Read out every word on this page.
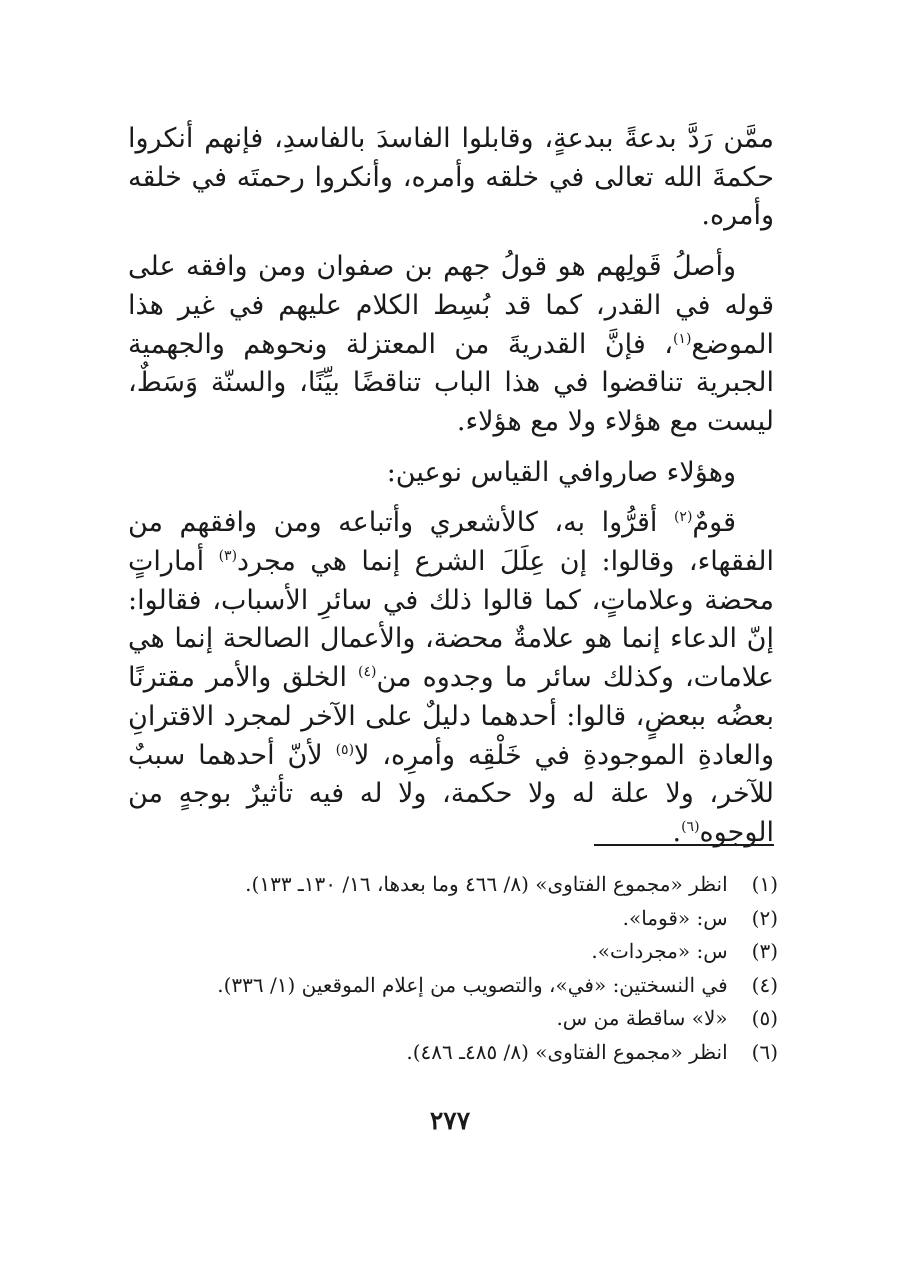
ممَّن رَدَّ بدعةً ببدعةٍ، وقابلوا الفاسدَ بالفاسدِ، فإنهم أنكروا حكمةَ الله تعالى في خلقه وأمره، وأنكروا رحمتَه في خلقه وأمره.

وأصلُ قَولِهم هو قولُ جهم بن صفوان ومن وافقه على قوله في القدر، كما قد بُسِط الكلام عليهم في غير هذا الموضع$^{(١)}$، فإنَّ القدريةَ من المعتزلة ونحوهم والجهمية الجبرية تناقضوا في هذا الباب تناقضًا بيِّنًا، والسنّة وَسَطٌ، ليست مع هؤلاء ولا مع هؤلاء.

وهؤلاء صاروافي القياس نوعين:

قومٌ$^{(٢)}$ أقرُّوا به، كالأشعري وأتباعه ومن وافقهم من الفقهاء، وقالوا: إن عِلَلَ الشرع إنما هي مجرد$^{(٣)}$ أماراتٍ محضة وعلاماتٍ، كما قالوا ذلك في سائرِ الأسباب، فقالوا: إنّ الدعاء إنما هو علامةٌ محضة، والأعمال الصالحة إنما هي علامات، وكذلك سائر ما وجدوه من$^{(٤)}$ الخلق والأمر مقترنًا بعضُه ببعضٍ، قالوا: أحدهما دليلٌ على الآخر لمجرد الاقترانِ والعادةِ الموجودةِ في خَلْقِه وأمرِه، لا$^{(٥)}$ لأنّ أحدهما سببٌ للآخر، ولا علة له ولا حكمة، ولا له فيه تأثيرٌ بوجهٍ من الوجوه$^{(٦)}$.

(١) انظر «مجموع الفتاوى» (٨/ ٤٦٦ وما بعدها، ١٦/ ١٣٠ـ ١٣٣).
(٢) س: «قوما».
(٣) س: «مجردات».
(٤) في النسختين: «في»، والتصويب من إعلام الموقعين (١/ ٣٣٦).
(٥) «لا» ساقطة من س.
(٦) انظر «مجموع الفتاوى» (٨/ ٤٨٥ـ ٤٨٦).
٢٧٧
